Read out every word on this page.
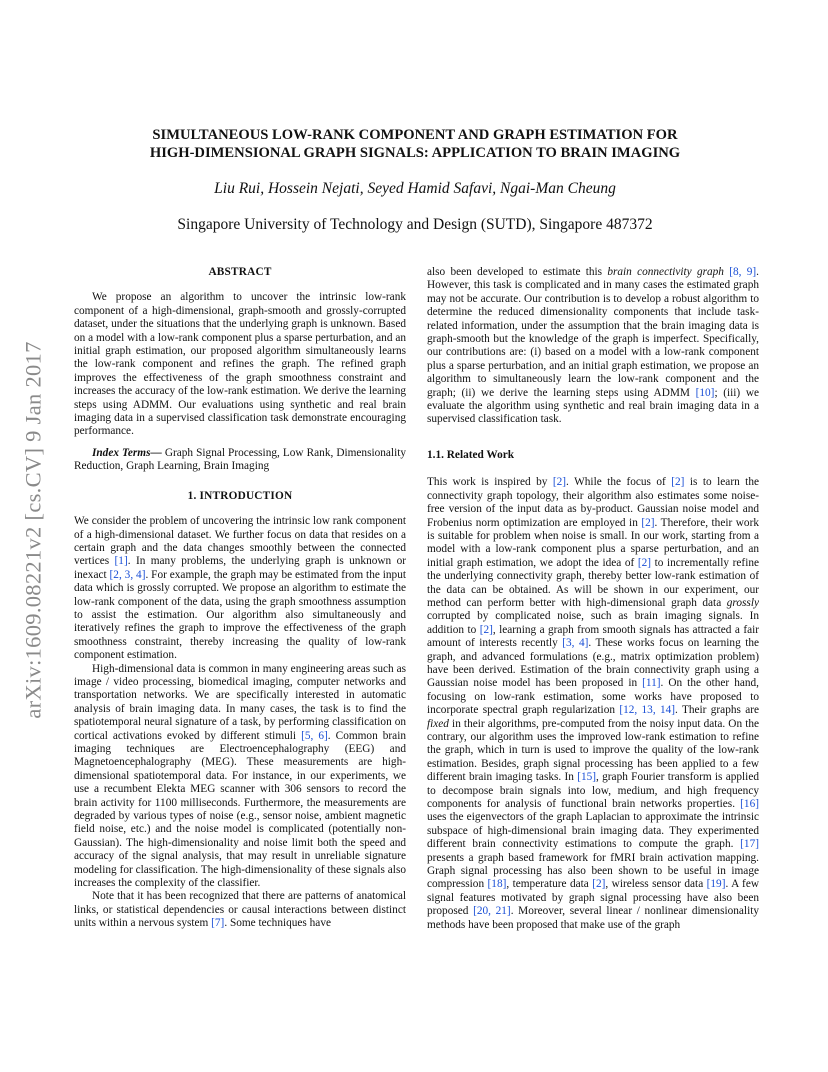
arXiv:1609.08221v2 [cs.CV] 9 Jan 2017
SIMULTANEOUS LOW-RANK COMPONENT AND GRAPH ESTIMATION FOR
HIGH-DIMENSIONAL GRAPH SIGNALS: APPLICATION TO BRAIN IMAGING

Liu Rui, Hossein Nejati, Seyed Hamid Safavi, Ngai-Man Cheung

Singapore University of Technology and Design (SUTD), Singapore 487372

ABSTRACT

We propose an algorithm to uncover the intrinsic low-rank component of a high-dimensional, graph-smooth and grossly-corrupted dataset, under the situations that the underlying graph is unknown. Based on a model with a low-rank component plus a sparse perturbation, and an initial graph estimation, our proposed algorithm simultaneously learns the low-rank component and refines the graph. The refined graph improves the effectiveness of the graph smoothness constraint and increases the accuracy of the low-rank estimation. We derive the learning steps using ADMM. Our evaluations using synthetic and real brain imaging data in a supervised classification task demonstrate encouraging performance.

Index Terms— Graph Signal Processing, Low Rank, Dimensionality Reduction, Graph Learning, Brain Imaging

1. INTRODUCTION

We consider the problem of uncovering the intrinsic low rank component of a high-dimensional dataset. We further focus on data that resides on a certain graph and the data changes smoothly between the connected vertices [1]. In many problems, the underlying graph is unknown or inexact [2, 3, 4]. For example, the graph may be estimated from the input data which is grossly corrupted. We propose an algorithm to estimate the low-rank component of the data, using the graph smoothness assumption to assist the estimation. Our algorithm also simultaneously and iteratively refines the graph to improve the effectiveness of the graph smoothness constraint, thereby increasing the quality of low-rank component estimation.

High-dimensional data is common in many engineering areas such as image / video processing, biomedical imaging, computer networks and transportation networks. We are specifically interested in automatic analysis of brain imaging data. In many cases, the task is to find the spatiotemporal neural signature of a task, by performing classification on cortical activations evoked by different stimuli [5, 6]. Common brain imaging techniques are Electroencephalography (EEG) and Magnetoencephalography (MEG). These measurements are high-dimensional spatiotemporal data. For instance, in our experiments, we use a recumbent Elekta MEG scanner with 306 sensors to record the brain activity for 1100 milliseconds. Furthermore, the measurements are degraded by various types of noise (e.g., sensor noise, ambient magnetic field noise, etc.) and the noise model is complicated (potentially non-Gaussian). The high-dimensionality and noise limit both the speed and accuracy of the signal analysis, that may result in unreliable signature modeling for classification. The high-dimensionality of these signals also increases the complexity of the classifier.

Note that it has been recognized that there are patterns of anatomical links, or statistical dependencies or causal interactions between distinct units within a nervous system [7]. Some techniques have

also been developed to estimate this brain connectivity graph [8, 9]. However, this task is complicated and in many cases the estimated graph may not be accurate. Our contribution is to develop a robust algorithm to determine the reduced dimensionality components that include task-related information, under the assumption that the brain imaging data is graph-smooth but the knowledge of the graph is imperfect. Specifically, our contributions are: (i) based on a model with a low-rank component plus a sparse perturbation, and an initial graph estimation, we propose an algorithm to simultaneously learn the low-rank component and the graph; (ii) we derive the learning steps using ADMM [10]; (iii) we evaluate the algorithm using synthetic and real brain imaging data in a supervised classification task.

1.1. Related Work

This work is inspired by [2]. While the focus of [2] is to learn the connectivity graph topology, their algorithm also estimates some noise-free version of the input data as by-product. Gaussian noise model and Frobenius norm optimization are employed in [2]. Therefore, their work is suitable for problem when noise is small. In our work, starting from a model with a low-rank component plus a sparse perturbation, and an initial graph estimation, we adopt the idea of [2] to incrementally refine the underlying connectivity graph, thereby better low-rank estimation of the data can be obtained. As will be shown in our experiment, our method can perform better with high-dimensional graph data grossly corrupted by complicated noise, such as brain imaging signals. In addition to [2], learning a graph from smooth signals has attracted a fair amount of interests recently [3, 4]. These works focus on learning the graph, and advanced formulations (e.g., matrix optimization problem) have been derived. Estimation of the brain connectivity graph using a Gaussian noise model has been proposed in [11]. On the other hand, focusing on low-rank estimation, some works have proposed to incorporate spectral graph regularization [12, 13, 14]. Their graphs are fixed in their algorithms, pre-computed from the noisy input data. On the contrary, our algorithm uses the improved low-rank estimation to refine the graph, which in turn is used to improve the quality of the low-rank estimation. Besides, graph signal processing has been applied to a few different brain imaging tasks. In [15], graph Fourier transform is applied to decompose brain signals into low, medium, and high frequency components for analysis of functional brain networks properties. [16] uses the eigenvectors of the graph Laplacian to approximate the intrinsic subspace of high-dimensional brain imaging data. They experimented different brain connectivity estimations to compute the graph. [17] presents a graph based framework for fMRI brain activation mapping. Graph signal processing has also been shown to be useful in image compression [18], temperature data [2], wireless sensor data [19]. A few signal features motivated by graph signal processing have also been proposed [20, 21]. Moreover, several linear / nonlinear dimensionality methods have been proposed that make use of the graph
